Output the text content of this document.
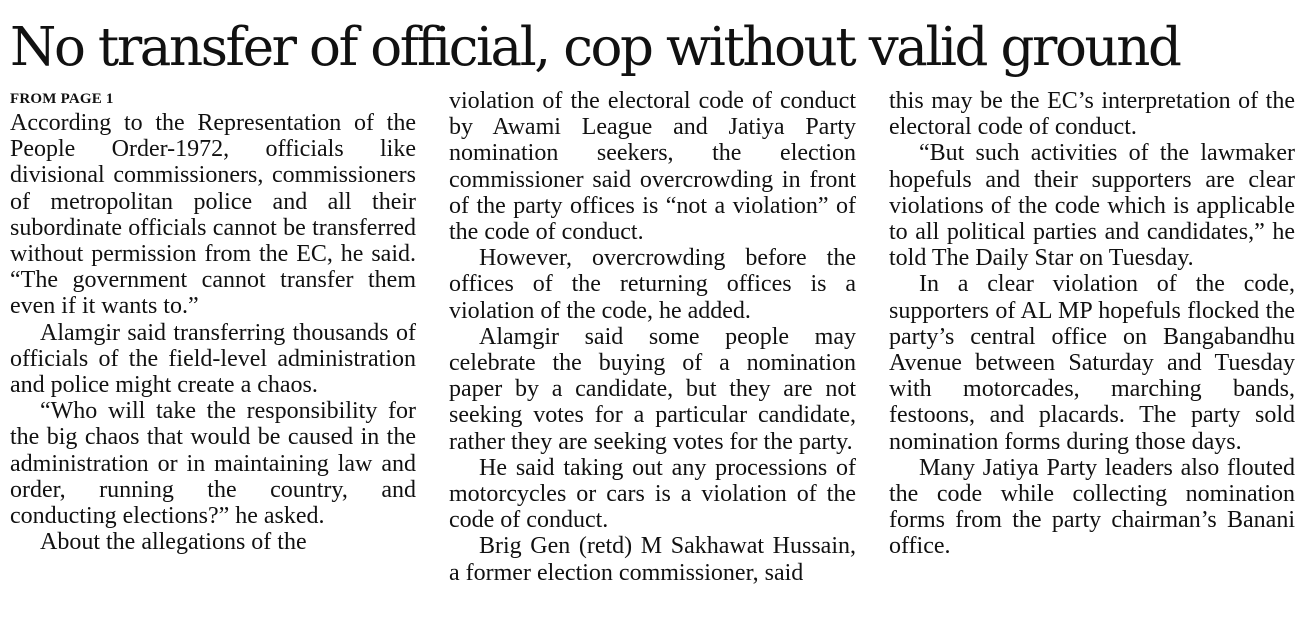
No transfer of official, cop without valid ground
FROM PAGE 1

According to the Representation of the People Order-1972, officials like divisional commissioners, commissioners of metropolitan police and all their subordinate officials cannot be transferred without permission from the EC, he said. “The government cannot transfer them even if it wants to.”

Alamgir said transferring thousands of officials of the field-level administration and police might create a chaos.

“Who will take the responsibility for the big chaos that would be caused in the administration or in maintaining law and order, running the country, and conducting elections?” he asked.

About the allegations of the

violation of the electoral code of conduct by Awami League and Jatiya Party nomination seekers, the election commissioner said overcrowding in front of the party offices is “not a violation” of the code of conduct.

However, overcrowding before the offices of the returning offices is a violation of the code, he added.

Alamgir said some people may celebrate the buying of a nomination paper by a candidate, but they are not seeking votes for a particular candidate, rather they are seeking votes for the party.

He said taking out any processions of motorcycles or cars is a violation of the code of conduct.

Brig Gen (retd) M Sakhawat Hussain, a former election commissioner, said

this may be the EC’s interpretation of the electoral code of conduct.

“But such activities of the lawmaker hopefuls and their supporters are clear violations of the code which is applicable to all political parties and candidates,” he told The Daily Star on Tuesday.

In a clear violation of the code, supporters of AL MP hopefuls flocked the party’s central office on Bangabandhu Avenue between Saturday and Tuesday with motorcades, marching bands, festoons, and placards. The party sold nomination forms during those days.

Many Jatiya Party leaders also flouted the code while collecting nomination forms from the party chairman’s Banani office.
